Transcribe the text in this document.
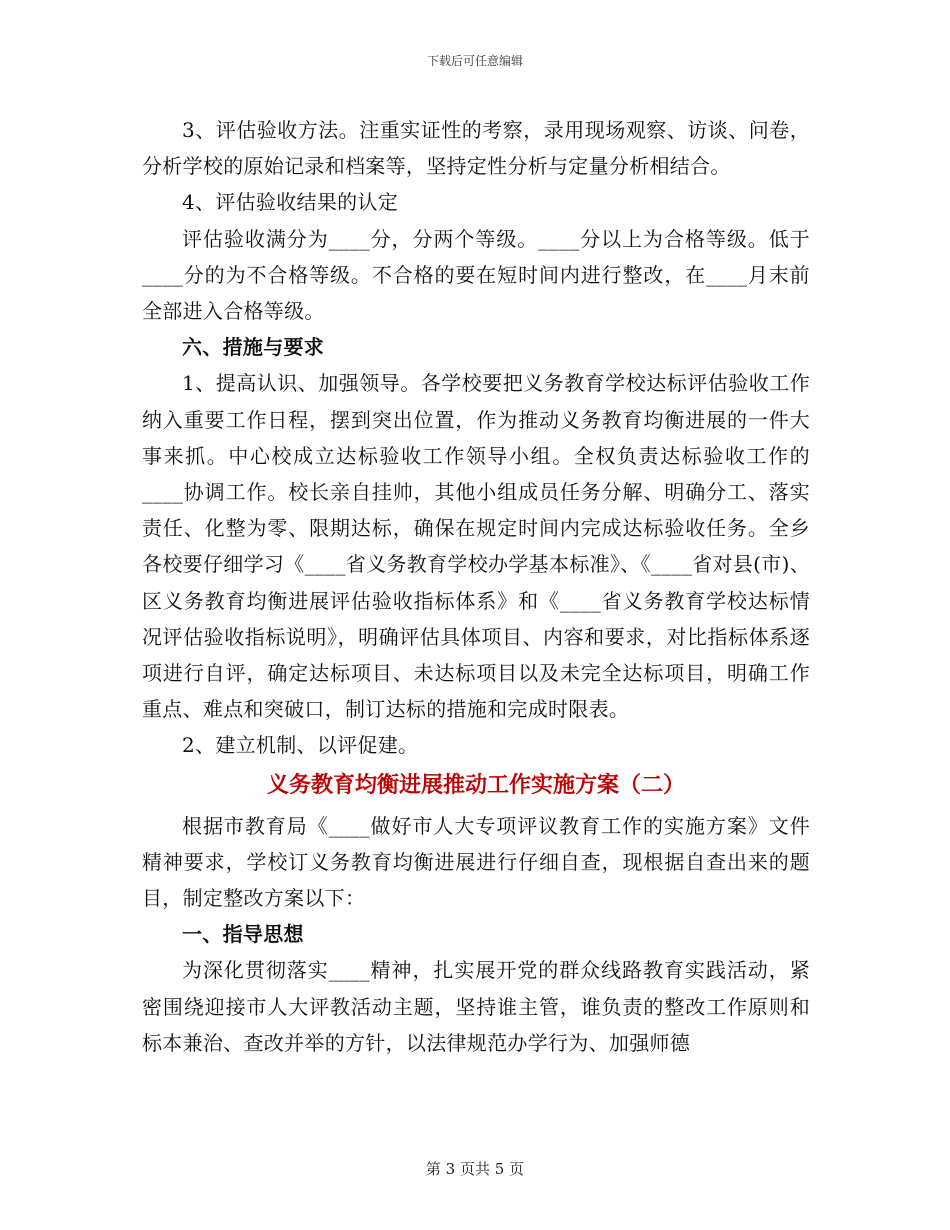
下载后可任意编辑

3、评估验收方法。注重实证性的考察，录用现场观察、访谈、问卷，分析学校的原始记录和档案等，坚持定性分析与定量分析相结合。

4、评估验收结果的认定

评估验收满分为____分，分两个等级。____分以上为合格等级。低于____分的为不合格等级。不合格的要在短时间内进行整改，在____月末前全部进入合格等级。

六、措施与要求

1、提高认识、加强领导。各学校要把义务教育学校达标评估验收工作纳入重要工作日程，摆到突出位置，作为推动义务教育均衡进展的一件大事来抓。中心校成立达标验收工作领导小组。全权负责达标验收工作的____协调工作。校长亲自挂帅，其他小组成员任务分解、明确分工、落实责任、化整为零、限期达标，确保在规定时间内完成达标验收任务。全乡各校要仔细学习《____省义务教育学校办学基本标准》、《____省对县(市)、区义务教育均衡进展评估验收指标体系》和《____省义务教育学校达标情况评估验收指标说明》，明确评估具体项目、内容和要求，对比指标体系逐项进行自评，确定达标项目、未达标项目以及未完全达标项目，明确工作重点、难点和突破口，制订达标的措施和完成时限表。

2、建立机制、以评促建。

义务教育均衡进展推动工作实施方案（二）

根据市教育局《____做好市人大专项评议教育工作的实施方案》文件精神要求，学校订义务教育均衡进展进行仔细自查，现根据自查出来的题目，制定整改方案以下：

一、指导思想

为深化贯彻落实____精神，扎实展开党的群众线路教育实践活动，紧密围绕迎接市人大评教活动主题，坚持谁主管，谁负责的整改工作原则和标本兼治、查改并举的方针，以法律规范办学行为、加强师德

第 3 页共 5 页
